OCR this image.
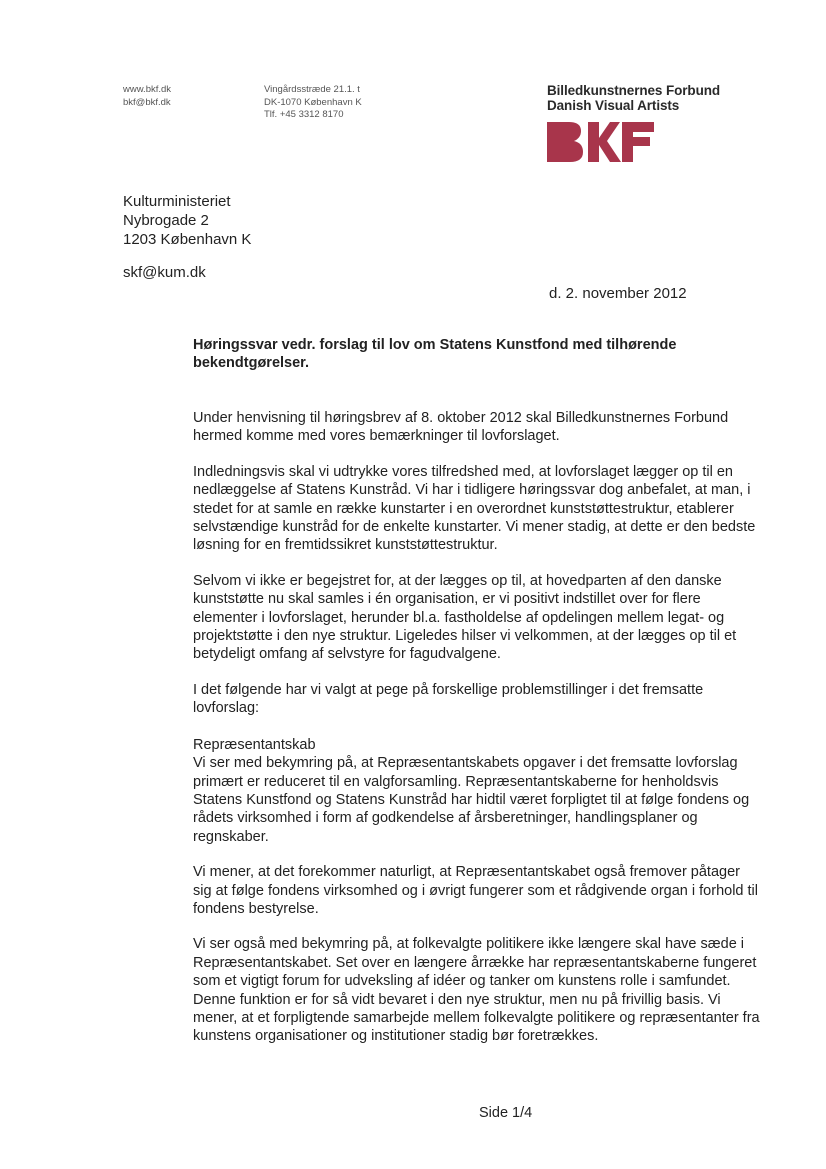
www.bkf.dk
bkf@bkf.dk
Vingårdsstræde 21.1. t
DK-1070 København K
Tlf. +45 3312 8170
Billedkunstnernes Forbund
Danish Visual Artists
Kulturministeriet
Nybrogade 2
1203 København K
skf@kum.dk
d. 2. november 2012
Høringssvar vedr. forslag til lov om Statens Kunstfond med tilhørende bekendtgørelser.

Under henvisning til høringsbrev af 8. oktober 2012 skal Billedkunstnernes Forbund hermed komme med vores bemærkninger til lovforslaget.

Indledningsvis skal vi udtrykke vores tilfredshed med, at lovforslaget lægger op til en nedlæggelse af Statens Kunstråd. Vi har i tidligere høringssvar dog anbefalet, at man, i stedet for at samle en række kunstarter i en overordnet kunststøttestruktur, etablerer selvstændige kunstråd for de enkelte kunstarter. Vi mener stadig, at dette er den bedste løsning for en fremtidssikret kunststøttestruktur.

Selvom vi ikke er begejstret for, at der lægges op til, at hovedparten af den danske kunststøtte nu skal samles i én organisation, er vi positivt indstillet over for flere elementer i lovforslaget, herunder bl.a. fastholdelse af opdelingen mellem legat- og projektstøtte i den nye struktur. Ligeledes hilser vi velkommen, at der lægges op til et betydeligt omfang af selvstyre for fagudvalgene.

I det følgende har vi valgt at pege på forskellige problemstillinger i det fremsatte lovforslag:

Repræsentantskab

Vi ser med bekymring på, at Repræsentantskabets opgaver i det fremsatte lovforslag primært er reduceret til en valgforsamling. Repræsentantskaberne for henholdsvis Statens Kunstfond og Statens Kunstråd har hidtil været forpligtet til at følge fondens og rådets virksomhed i form af godkendelse af årsberetninger, handlingsplaner og regnskaber.

Vi mener, at det forekommer naturligt, at Repræsentantskabet også fremover påtager sig at følge fondens virksomhed og i øvrigt fungerer som et rådgivende organ i forhold til fondens bestyrelse.

Vi ser også med bekymring på, at folkevalgte politikere ikke længere skal have sæde i Repræsentantskabet. Set over en længere årrække har repræsentantskaberne fungeret som et vigtigt forum for udveksling af idéer og tanker om kunstens rolle i samfundet. Denne funktion er for så vidt bevaret i den nye struktur, men nu på frivillig basis. Vi mener, at et forpligtende samarbejde mellem folkevalgte politikere og repræsentanter fra kunstens organisationer og institutioner stadig bør foretrækkes.

Side 1/4
